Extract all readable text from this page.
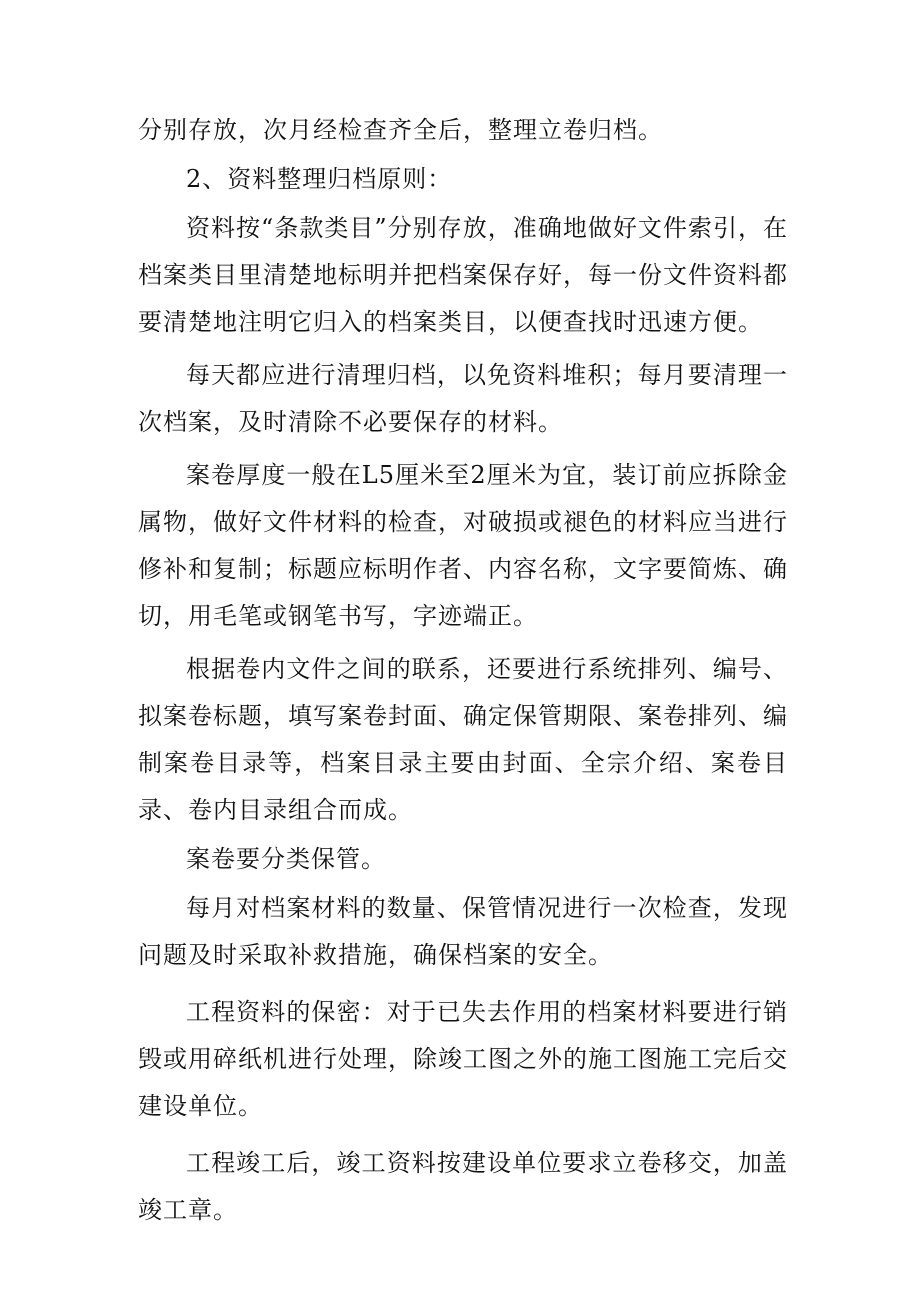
分别存放，次月经检查齐全后，整理立卷归档。

2、资料整理归档原则：

资料按“条款类目”分别存放，准确地做好文件索引，在档案类目里清楚地标明并把档案保存好，每一份文件资料都要清楚地注明它归入的档案类目，以便查找时迅速方便。

每天都应进行清理归档，以免资料堆积；每月要清理一次档案，及时清除不必要保存的材料。

案卷厚度一般在L5厘米至2厘米为宜，装订前应拆除金属物，做好文件材料的检查，对破损或褪色的材料应当进行修补和复制；标题应标明作者、内容名称，文字要简炼、确切，用毛笔或钢笔书写，字迹端正。

根据卷内文件之间的联系，还要进行系统排列、编号、拟案卷标题，填写案卷封面、确定保管期限、案卷排列、编制案卷目录等，档案目录主要由封面、全宗介绍、案卷目录、卷内目录组合而成。

案卷要分类保管。

每月对档案材料的数量、保管情况进行一次检查，发现问题及时采取补救措施，确保档案的安全。

工程资料的保密：对于已失去作用的档案材料要进行销毁或用碎纸机进行处理，除竣工图之外的施工图施工完后交建设单位。

工程竣工后，竣工资料按建设单位要求立卷移交，加盖竣工章。
